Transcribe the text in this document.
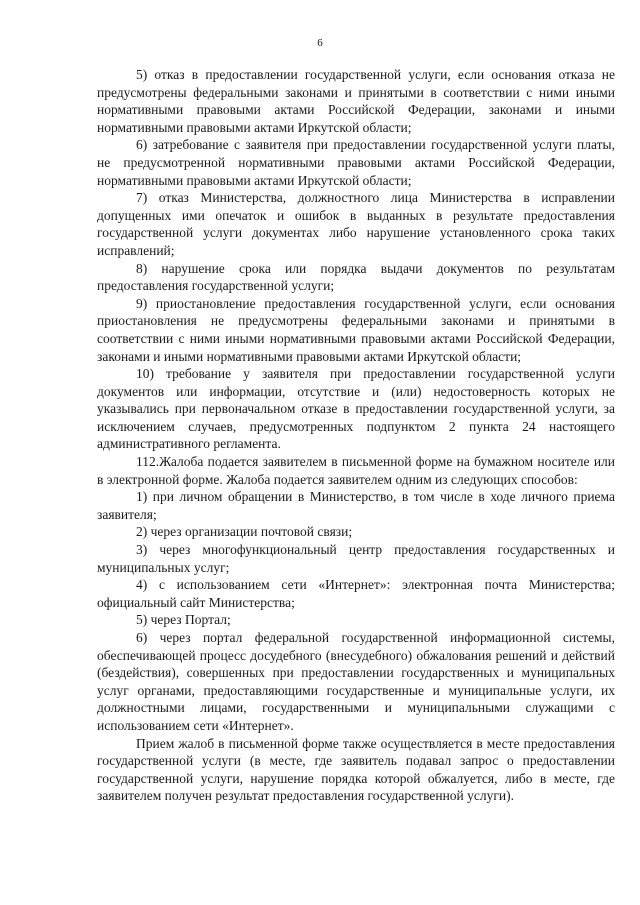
6

5) отказ в предоставлении государственной услуги, если основания отказа не предусмотрены федеральными законами и принятыми в соответствии с ними иными нормативными правовыми актами Российской Федерации, законами и иными нормативными правовыми актами Иркутской области;

6) затребование с заявителя при предоставлении государственной услуги платы, не предусмотренной нормативными правовыми актами Российской Федерации, нормативными правовыми актами Иркутской области;

7) отказ Министерства, должностного лица Министерства в исправлении допущенных ими опечаток и ошибок в выданных в результате предоставления государственной услуги документах либо нарушение установленного срока таких исправлений;

8) нарушение срока или порядка выдачи документов по результатам предоставления государственной услуги;

9) приостановление предоставления государственной услуги, если основания приостановления не предусмотрены федеральными законами и принятыми в соответствии с ними иными нормативными правовыми актами Российской Федерации, законами и иными нормативными правовыми актами Иркутской области;

10) требование у заявителя при предоставлении государственной услуги документов или информации, отсутствие и (или) недостоверность которых не указывались при первоначальном отказе в предоставлении государственной услуги, за исключением случаев, предусмотренных подпунктом 2 пункта 24 настоящего административного регламента.

112.Жалоба подается заявителем в письменной форме на бумажном носителе или в электронной форме. Жалоба подается заявителем одним из следующих способов:

1) при личном обращении в Министерство, в том числе в ходе личного приема заявителя;

2) через организации почтовой связи;

3) через многофункциональный центр предоставления государственных и муниципальных услуг;

4) с использованием сети «Интернет»: электронная почта Министерства; официальный сайт Министерства;

5) через Портал;

6) через портал федеральной государственной информационной системы, обеспечивающей процесс досудебного (внесудебного) обжалования решений и действий (бездействия), совершенных при предоставлении государственных и муниципальных услуг органами, предоставляющими государственные и муниципальные услуги, их должностными лицами, государственными и муниципальными служащими с использованием сети «Интернет».

Прием жалоб в письменной форме также осуществляется в месте предоставления государственной услуги (в месте, где заявитель подавал запрос о предоставлении государственной услуги, нарушение порядка которой обжалуется, либо в месте, где заявителем получен результат предоставления государственной услуги).
